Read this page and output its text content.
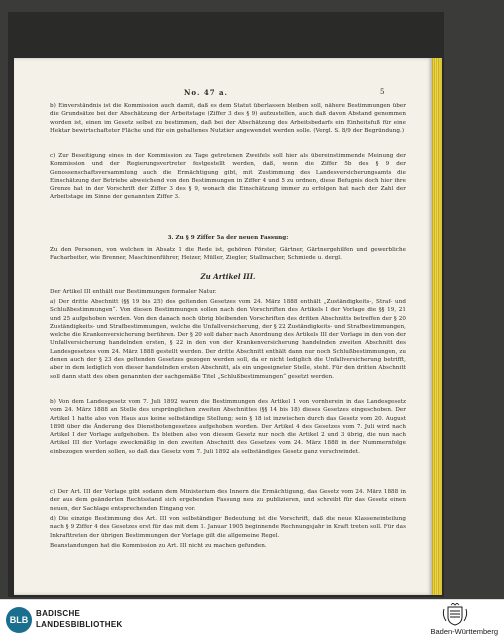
No. 47 a.	5
b) Einverständnis ist die Kommission auch damit, daß es dem Statut überlassen bleiben soll, nähere Bestimmungen über die Grundsätze bei der Abschätzung der Arbeitstage (Ziffer 3 des § 9) aufzustellen, auch daß davon Abstand genommen worden ist, einen im Gesetz selbst zu bestimmen, daß bei der Abschätzung des Arbeitsbedarfs ein Einheitsfuß für eine Hektar bewirtschafteter Fläche und für ein gehaltenes Nutztier angewendet werden solle. (Vergl. S. 8/9 der Begründung.)
c) Zur Beseitigung eines in der Kommission zu Tage getretenen Zweifels soll hier als übereinstimmende Meinung der Kommission und der Regierungsvertreter festgestellt werden, daß, wenn die Ziffer 5b des § 9 der Genossenschaftsversammlung auch die Ermächtigung gibt, mit Zustimmung des Landesversicherungsamts die Einschätzung der Betriebe abweichend von den Bestimmungen in Ziffer 4 und 5 zu ordnen, diese Befugnis doch hier ihre Grenze hat in der Vorschrift der Ziffer 3 des § 9, wonach die Einschätzung immer zu erfolgen hat nach der Zahl der Arbeitstage im Sinne der genannten Ziffer 3.
3. Zu § 9 Ziffer 5a der neuen Fassung:
Zu den Personen, von welchen in Absatz 1 die Rede ist, gehören Förster, Gärtner, Gärtnergehilfen und gewerbliche Facharbeiter, wie Brenner, Maschinenführer, Heizer, Müller, Ziegler, Stallmacher, Schmiede u. dergl.
Zu Artikel III.
Der Artikel III enthält nur Bestimmungen formaler Natur.
a) Der dritte Abschnitt (§§ 19 bis 25) des geltenden Gesetzes vom 24. März 1888 enthält „Zuständigkeits-, Straf- und Schlußbestimmungen“. Von diesen Bestimmungen sollen nach den Vorschriften des Artikels I der Vorlage die §§ 19, 21 und 25 aufgehoben werden. Von den danach noch übrig bleibenden Vorschriften des dritten Abschnitts betreffen der § 20 Zuständigkeits- und Strafbestimmungen, welche die Unfallversicherung, der § 22 Zuständigkeits- und Strafbestimmungen, welche die Krankenversicherung berühren. Der § 20 soll daher nach Anordnung des Artikels III der Vorlage in den von der Unfallversicherung handelnden ersten, § 22 in den von der Krankenversicherung handelnden zweiten Abschnitt des Landesgesetzes vom 24. März 1888 gestellt werden. Der dritte Abschnitt enthält dann nur noch Schlußbestimmungen, zu denen auch der § 23 des geltenden Gesetzes gezogen werden soll, da er nicht lediglich die Unfallversicherung betrifft, aber in dem lediglich von dieser handelnden ersten Abschnitt, als ein ungeeigneter Stelle, steht. Für den dritten Abschnitt soll dann statt des oben genannten der sachgemäße Titel „Schlußbestimmungen“ gesetzt werden.
b) Von dem Landesgesetz vom 7. Juli 1892 waren die Bestimmungen des Artikel 1 von vornherein in das Landesgesetz vom 24. März 1888 an Stelle des ursprünglichen zweiten Abschnittes (§§ 14 bis 18) dieses Gesetzes eingeschoben. Der Artikel 1 hatte also von Haus aus keine selbständige Stellung; sein § 18 ist inzwischen durch das Gesetz vom 20. August 1898 über die Änderung des Dienstbotengesetzes aufgehoben worden. Der Artikel 4 des Gesetzes vom 7. Juli wird nach Artikel I der Vorlage aufgehoben. Es bleiben also von diesem Gesetz nur noch die Artikel 2 und 3 übrig, die nun nach Artikel III der Vorlage zweckmäßig in den zweiten Abschnitt des Gesetzes vom 24. März 1888 in der Nummernfolge einbezogen werden sollen, so daß das Gesetz vom 7. Juli 1892 als selbständiges Gesetz ganz verschwindet.
c) Der Art. III der Vorlage gibt sodann dem Ministerium des Innern die Ermächtigung, das Gesetz vom 24. März 1888 in der aus dem geänderten Rechtsstand sich ergebenden Fassung neu zu publizieren, und schreibt für das Gesetz einen neuen, der Sachlage entsprechenden Eingang vor.
d) Die einzige Bestimmung des Art. III von selbständiger Bedeutung ist die Vorschrift, daß die neue Klasseneinteilung nach § 9 Ziffer 4 des Gesetzes erst für das mit dem 1. Januar 1905 beginnende Rechnungsjahr in Kraft treten soll. Für das Inkrafttreten der übrigen Bestimmungen der Vorlage gilt die allgemeine Regel.
Beanstandungen hat die Kommission zu Art. III nicht zu machen gefunden.
BLB
BADISCHE
LANDESBIBLIOTHEK
Baden-Württemberg
